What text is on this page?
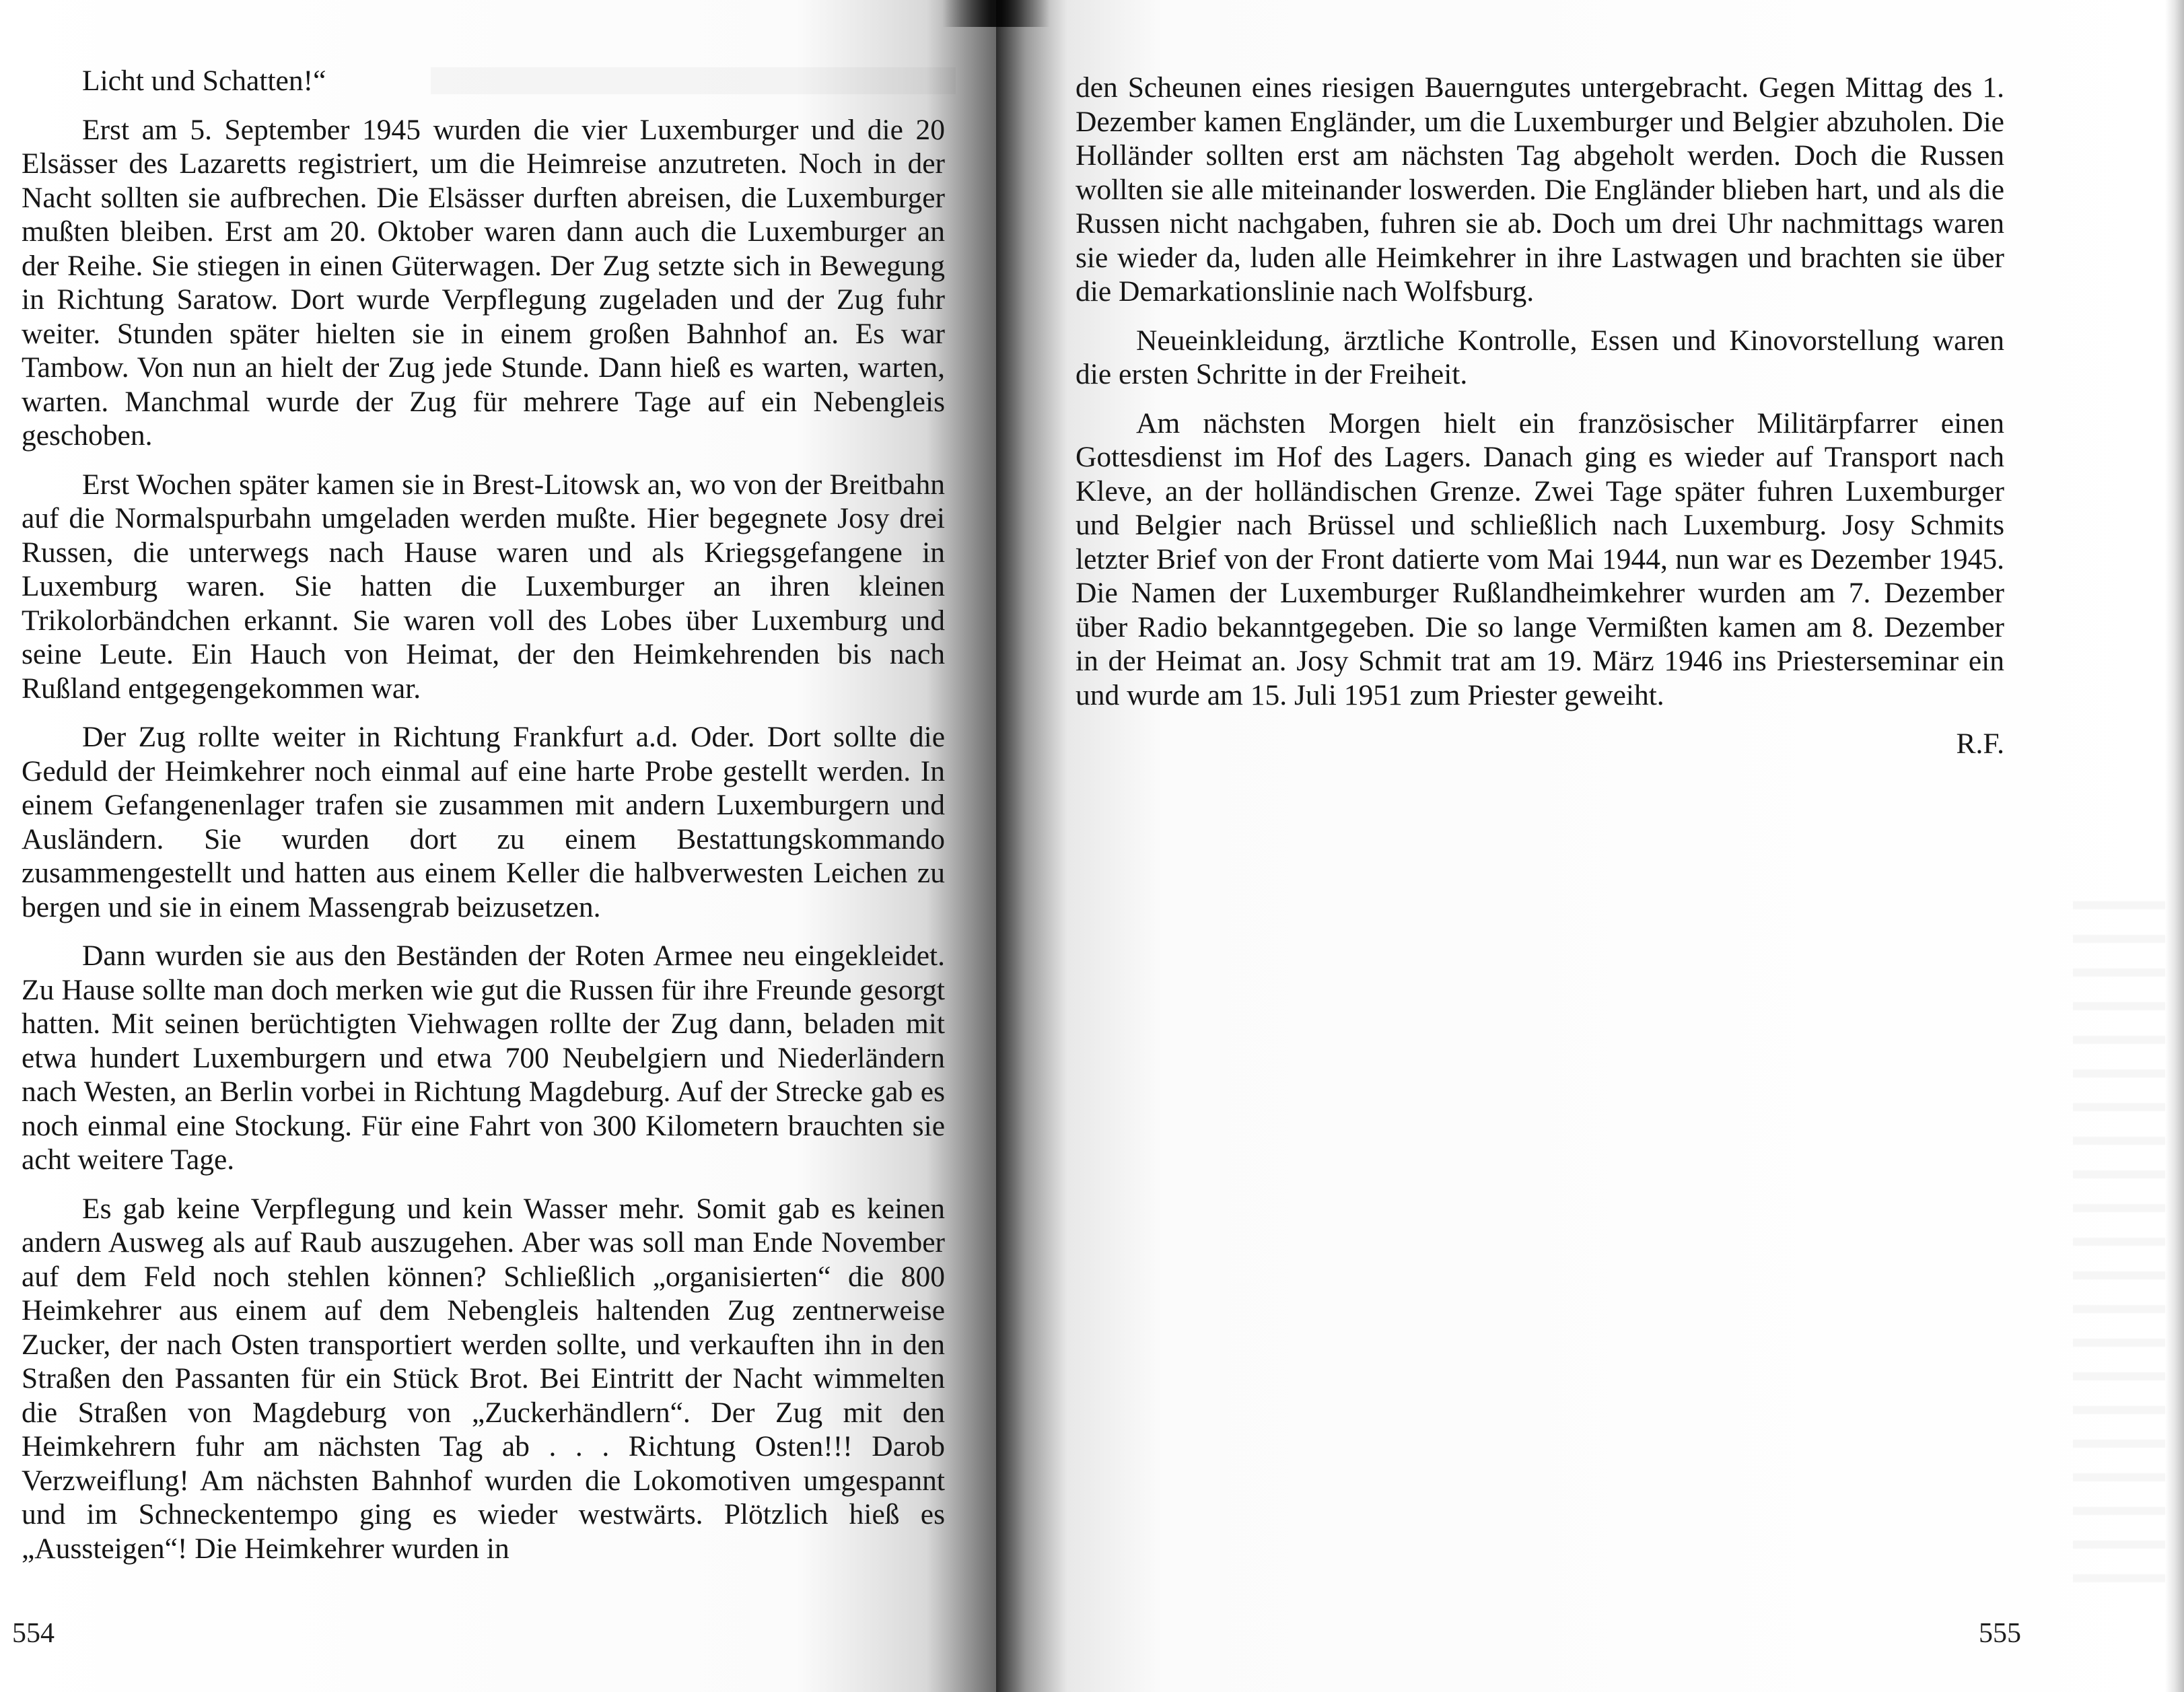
Licht und Schatten!“

Erst am 5. September 1945 wurden die vier Luxemburger und die 20 Elsässer des Lazaretts registriert, um die Heimreise anzutreten. Noch in der Nacht sollten sie aufbrechen. Die Elsässer durften abreisen, die Luxemburger mußten bleiben. Erst am 20. Oktober waren dann auch die Luxemburger an der Reihe. Sie stiegen in einen Güterwagen. Der Zug setzte sich in Bewegung in Richtung Saratow. Dort wurde Verpflegung zugeladen und der Zug fuhr weiter. Stunden später hielten sie in einem großen Bahnhof an. Es war Tambow. Von nun an hielt der Zug jede Stunde. Dann hieß es warten, warten, warten. Manchmal wurde der Zug für mehrere Tage auf ein Nebengleis geschoben.

Erst Wochen später kamen sie in Brest-Litowsk an, wo von der Breitbahn auf die Normalspurbahn umgeladen werden mußte. Hier begegnete Josy drei Russen, die unterwegs nach Hause waren und als Kriegsgefangene in Luxemburg waren. Sie hatten die Luxemburger an ihren kleinen Trikolorbändchen erkannt. Sie waren voll des Lobes über Luxemburg und seine Leute. Ein Hauch von Heimat, der den Heimkehrenden bis nach Rußland entgegengekommen war.

Der Zug rollte weiter in Richtung Frankfurt a.d. Oder. Dort sollte die Geduld der Heimkehrer noch einmal auf eine harte Probe gestellt werden. In einem Gefangenenlager trafen sie zusammen mit andern Luxemburgern und Ausländern. Sie wurden dort zu einem Bestattungskommando zusammengestellt und hatten aus einem Keller die halbverwesten Leichen zu bergen und sie in einem Massengrab beizusetzen.

Dann wurden sie aus den Beständen der Roten Armee neu eingekleidet. Zu Hause sollte man doch merken wie gut die Russen für ihre Freunde gesorgt hatten. Mit seinen berüchtigten Viehwagen rollte der Zug dann, beladen mit etwa hundert Luxemburgern und etwa 700 Neubelgiern und Niederländern nach Westen, an Berlin vorbei in Richtung Magdeburg. Auf der Strecke gab es noch einmal eine Stockung. Für eine Fahrt von 300 Kilometern brauchten sie acht weitere Tage.

Es gab keine Verpflegung und kein Wasser mehr. Somit gab es keinen andern Ausweg als auf Raub auszugehen. Aber was soll man Ende November auf dem Feld noch stehlen können? Schließlich „organisierten“ die 800 Heimkehrer aus einem auf dem Nebengleis haltenden Zug zentnerweise Zucker, der nach Osten transportiert werden sollte, und verkauften ihn in den Straßen den Passanten für ein Stück Brot. Bei Eintritt der Nacht wimmelten die Straßen von Magdeburg von „Zuckerhändlern“. Der Zug mit den Heimkehrern fuhr am nächsten Tag ab . . . Richtung Osten!!! Darob Verzweiflung! Am nächsten Bahnhof wurden die Lokomotiven umgespannt und im Schneckentempo ging es wieder westwärts. Plötzlich hieß es „Aussteigen“! Die Heimkehrer wurden in

554

den Scheunen eines riesigen Bauerngutes untergebracht. Gegen Mittag des 1. Dezember kamen Engländer, um die Luxemburger und Belgier abzuholen. Die Holländer sollten erst am nächsten Tag abgeholt werden. Doch die Russen wollten sie alle miteinander loswerden. Die Engländer blieben hart, und als die Russen nicht nachgaben, fuhren sie ab. Doch um drei Uhr nachmittags waren sie wieder da, luden alle Heimkehrer in ihre Lastwagen und brachten sie über die Demarkationslinie nach Wolfsburg.

Neueinkleidung, ärztliche Kontrolle, Essen und Kinovorstellung waren die ersten Schritte in der Freiheit.

Am nächsten Morgen hielt ein französischer Militärpfarrer einen Gottesdienst im Hof des Lagers. Danach ging es wieder auf Transport nach Kleve, an der holländischen Grenze. Zwei Tage später fuhren Luxemburger und Belgier nach Brüssel und schließlich nach Luxemburg. Josy Schmits letzter Brief von der Front datierte vom Mai 1944, nun war es Dezember 1945. Die Namen der Luxemburger Rußlandheimkehrer wurden am 7. Dezember über Radio bekanntgegeben. Die so lange Vermißten kamen am 8. Dezember in der Heimat an. Josy Schmit trat am 19. März 1946 ins Priesterseminar ein und wurde am 15. Juli 1951 zum Priester geweiht.

R.F.

555
